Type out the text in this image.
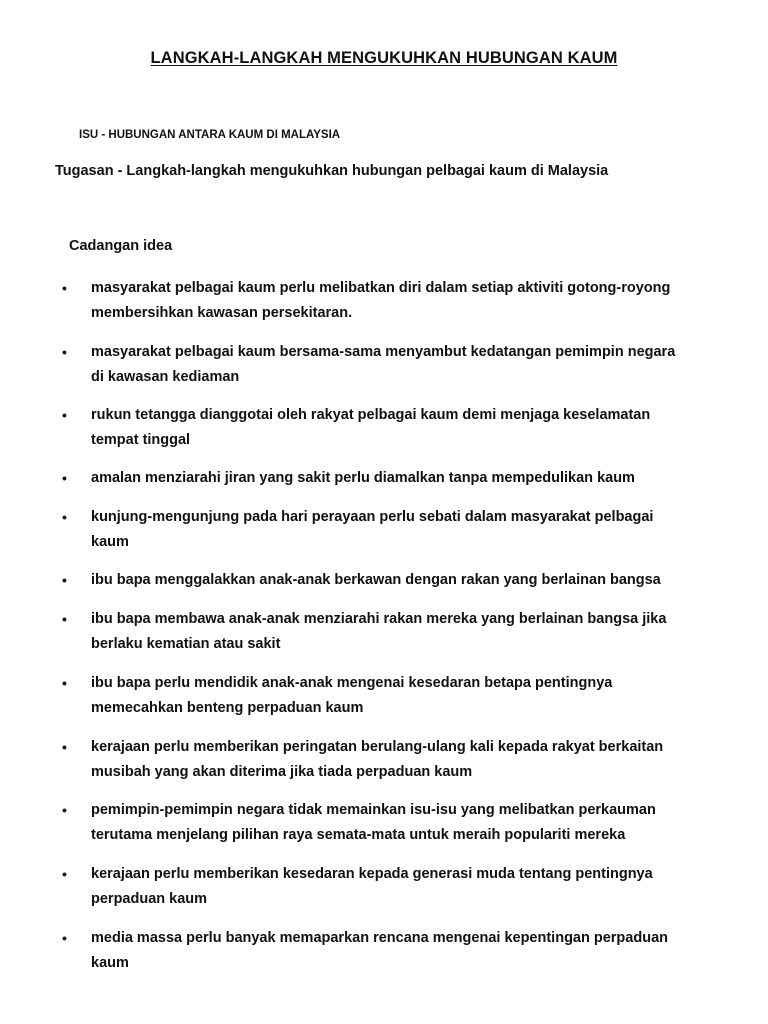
LANGKAH-LANGKAH MENGUKUHKAN HUBUNGAN KAUM
ISU - HUBUNGAN ANTARA KAUM DI MALAYSIA
Tugasan - Langkah-langkah mengukuhkan hubungan pelbagai kaum di Malaysia
Cadangan idea
•	masyarakat pelbagai kaum perlu melibatkan diri dalam setiap aktiviti gotong-royong
membersihkan kawasan persekitaran.
•	masyarakat pelbagai kaum bersama-sama menyambut kedatangan pemimpin negara
di kawasan kediaman
•	rukun tetangga dianggotai oleh rakyat pelbagai kaum demi menjaga keselamatan
tempat tinggal
•	amalan menziarahi jiran yang sakit perlu diamalkan tanpa mempedulikan kaum
•	kunjung-mengunjung pada hari perayaan perlu sebati dalam masyarakat pelbagai
kaum
•	ibu bapa menggalakkan anak-anak berkawan dengan rakan yang berlainan bangsa
•	ibu bapa membawa anak-anak menziarahi rakan mereka yang berlainan bangsa jika
berlaku kematian atau sakit
•	ibu bapa perlu mendidik anak-anak mengenai kesedaran betapa pentingnya
memecahkan benteng perpaduan kaum
•	kerajaan perlu memberikan peringatan berulang-ulang kali kepada rakyat berkaitan
musibah yang akan diterima jika tiada perpaduan kaum
•	pemimpin-pemimpin negara tidak memainkan isu-isu yang melibatkan perkauman
terutama menjelang pilihan raya semata-mata untuk meraih populariti mereka
•	kerajaan perlu memberikan kesedaran kepada generasi muda tentang pentingnya
perpaduan kaum
•	media massa perlu banyak memaparkan rencana mengenai kepentingan perpaduan
kaum
